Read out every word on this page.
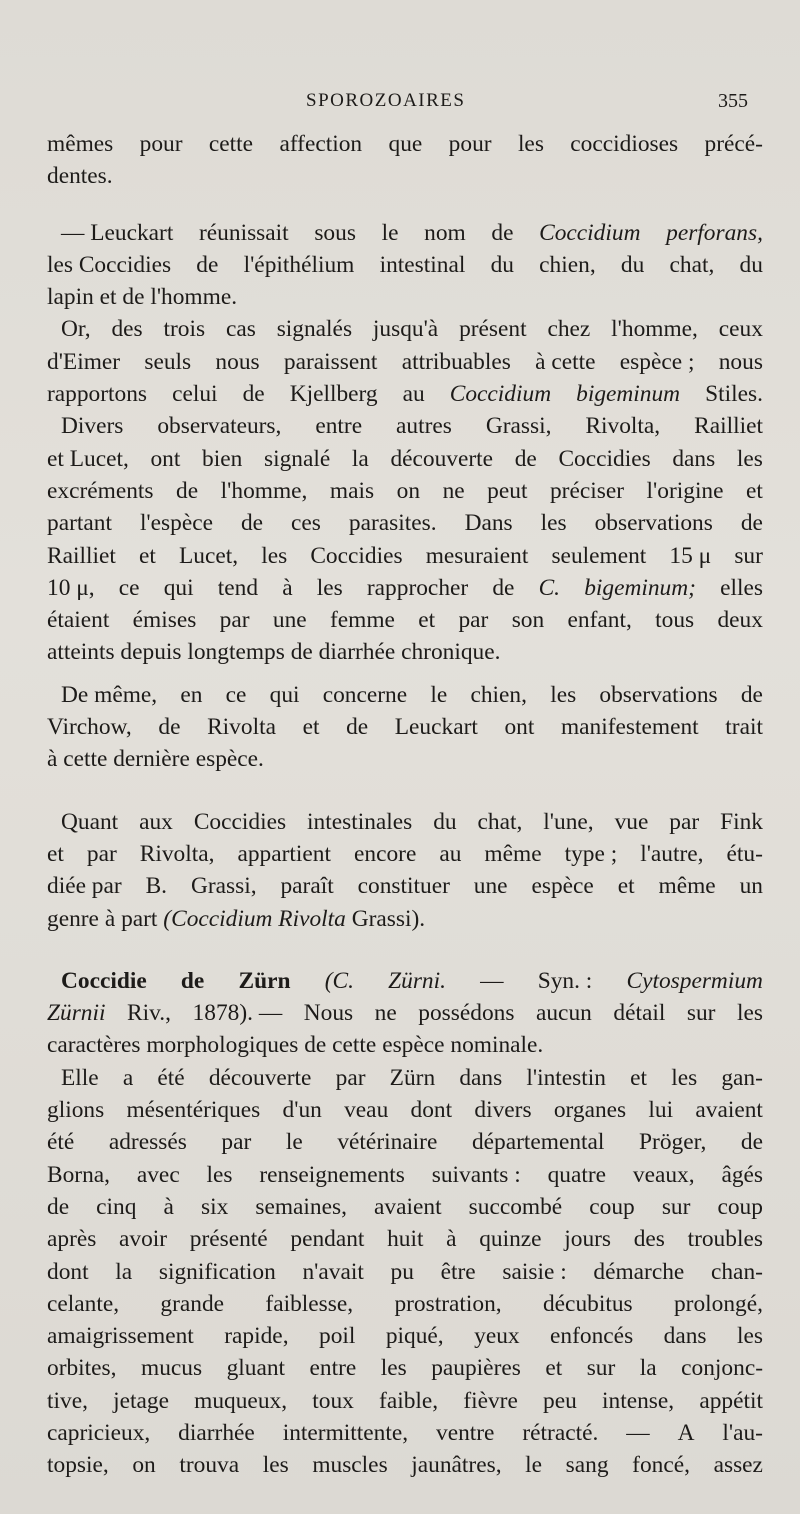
SPOROZOAIRES	355
mêmes pour cette affection que pour les coccidioses précé-
dentes.
— Leuckart réunissait sous le nom de Coccidium perforans,
les Coccidies de l'épithélium intestinal du chien, du chat, du
lapin
et
de
l'homme.
Or, des trois cas signalés jusqu'à présent chez l'homme, ceux
d'Eimer seuls nous paraissent attribuables à cette espèce ; nous
rapportons celui de Kjellberg au Coccidium bigeminum Stiles.
Divers observateurs, entre autres Grassi, Rivolta, Railliet
et Lucet, ont bien signalé la découverte de Coccidies dans les
excréments de l'homme, mais on ne peut préciser l'origine et
partant l'espèce de ces parasites. Dans les observations de
Railliet et Lucet, les Coccidies mesuraient seulement 15 μ sur
10 μ, ce qui tend à les rapprocher de C. bigeminum; elles
étaient émises par une femme et par son enfant, tous deux
atteints
depuis
longtemps
de
diarrhée
chronique.
De même, en ce qui concerne le chien, les observations de
Virchow, de Rivolta et de Leuckart ont manifestement trait
à cette
dernière
espèce.
Quant aux Coccidies intestinales du chat, l'une, vue par Fink
et par Rivolta, appartient encore au même type ; l'autre, étu-
diée par B. Grassi, paraît constituer une espèce et même un
genre
à
part
(Coccidium
Rivolta
Grassi).
Coccidie de Zürn (C. Zürni. — Syn. : Cytospermium
Zürnii Riv., 1878). — Nous ne possédons aucun détail sur les
caractères
morphologiques
de
cette
espèce
nominale.
Elle a été découverte par Zürn dans l'intestin et les gan-
glions mésentériques d'un veau dont divers organes lui avaient
été adressés par le vétérinaire départemental Pröger, de
Borna, avec les renseignements suivants : quatre veaux, âgés
de cinq à six semaines, avaient succombé coup sur coup
après avoir présenté pendant huit à quinze jours des troubles
dont la signification n'avait pu être saisie : démarche chan-
celante, grande faiblesse, prostration, décubitus prolongé,
amaigrissement rapide, poil piqué, yeux enfoncés dans les
orbites, mucus gluant entre les paupières et sur la conjonc-
tive, jetage muqueux, toux faible, fièvre peu intense, appétit
capricieux, diarrhée intermittente, ventre rétracté. — A l'au-
topsie, on trouva les muscles jaunâtres, le sang foncé, assez
